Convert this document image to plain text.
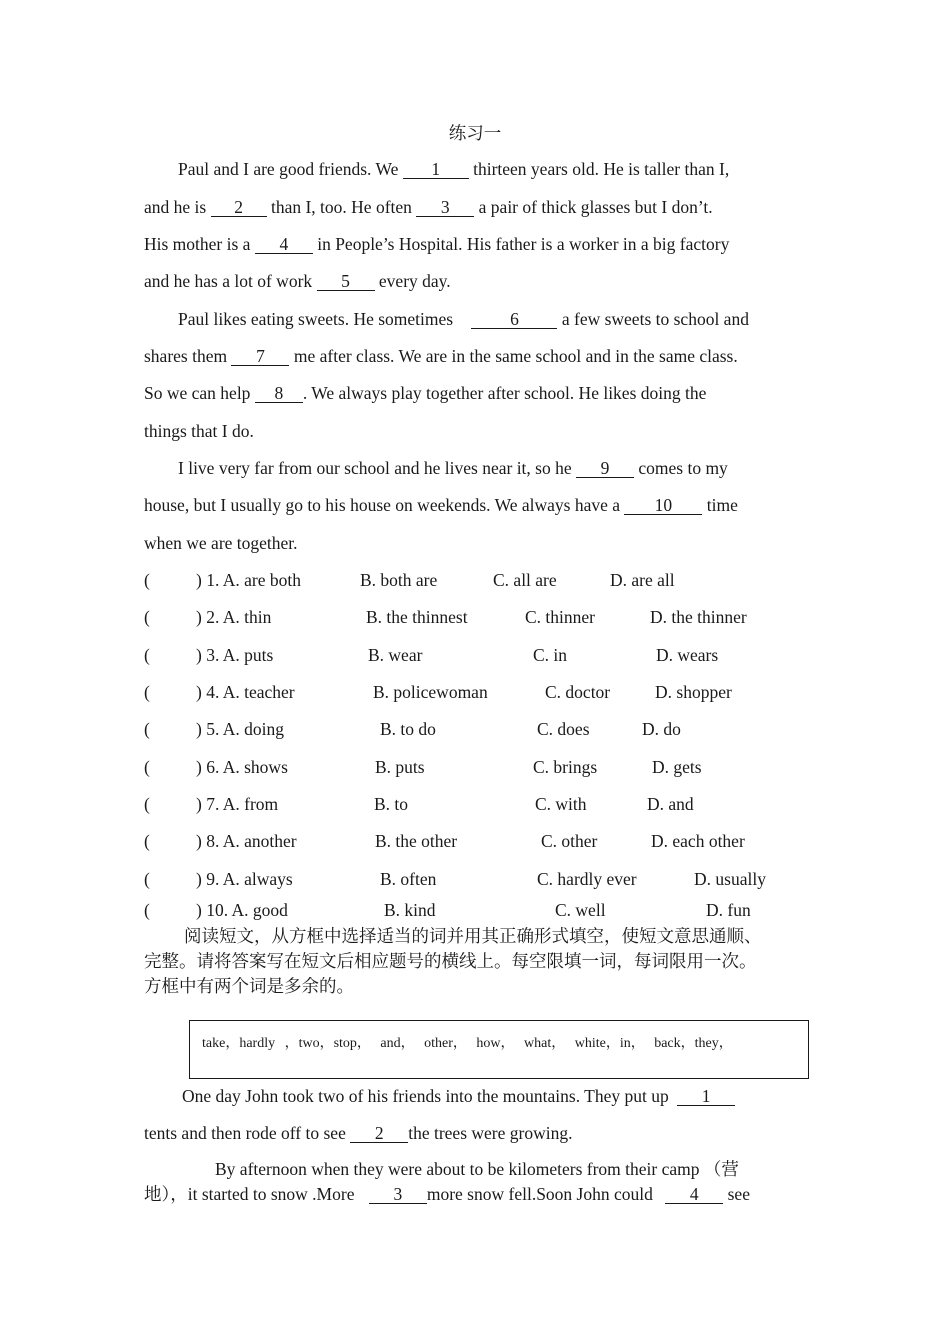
练习一
Paul and I are good friends. We 1 thirteen years old. He is taller than I,
and he is 2 than I, too. He often 3 a pair of thick glasses but I don’t.
His mother is a 4 in People’s Hospital. His father is a worker in a big factory
and he has a lot of work 5 every day.
Paul likes eating sweets. He sometimes	6 a few sweets to school and
shares them 7 me after class. We are in the same school and in the same class.
So we can help 8 . We always play together after school. He likes doing the
things that I do.
I live very far from our school and he lives near it, so he 9 comes to my
house, but I usually go to his house on weekends. We always have a 10 time
when we are together.
(	) 1. A. are both	B. both are	C. all are	D. are all
(	) 2. A. thin	B. the thinnest	C. thinner	D. the thinner
(	) 3. A. puts	B. wear	C. in	D. wears
(	) 4. A. teacher	B. policewoman	C. doctor	D. shopper
(	) 5. A. doing	B. to do	C. does	D. do
(	) 6. A. shows	B. puts	C. brings	D. gets
(	) 7. A. from	B. to	C. with	D. and
(	) 8. A. another	B. the other	C. other	D. each other
(	) 9. A. always	B. often	C. hardly ever	D. usually
(	) 10. A. good	B. kind	C. well	D. fun
阅读短文，从方框中选择适当的词并用其正确形式填空，使短文意思通顺、
完整。请将答案写在短文后相应题号的横线上。每空限填一词，每词限用一次。
方框中有两个词是多余的。
take，hardly ，two，stop， and， other， how， what， white，in， back，they，
One day John took two of his friends into the mountains. They put up 1
tents and then rode off to see 2 the trees were growing.
By afternoon when they were about to be kilometers from their camp （营
地），it started to snow .More 3 more snow fell.Soon John could 4 see
